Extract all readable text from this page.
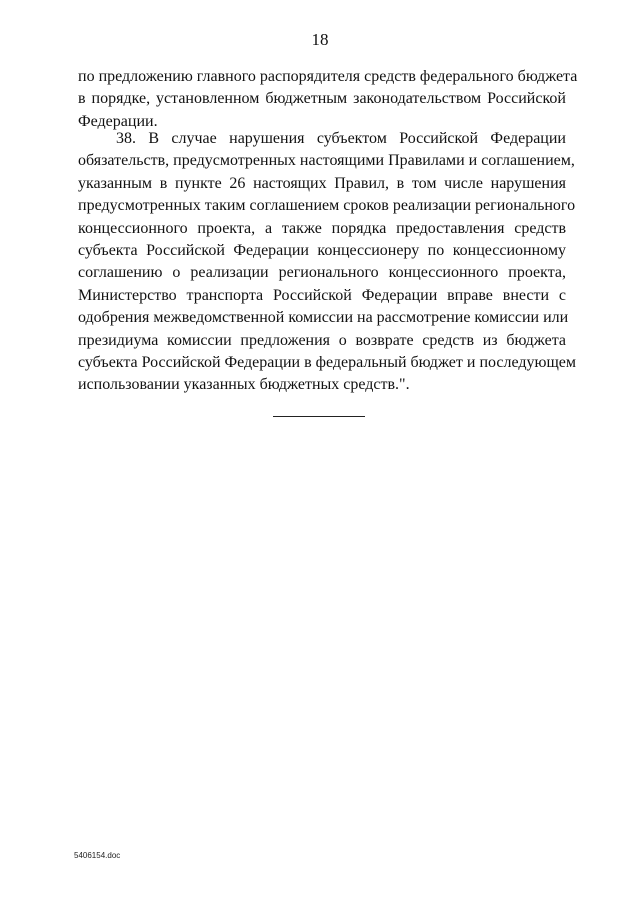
18
по предложению главного распорядителя средств федерального бюджета
в порядке, установленном бюджетным законодательством Российской
Федерации.
38. В случае нарушения субъектом Российской Федерации
обязательств, предусмотренных настоящими Правилами и соглашением,
указанным в пункте 26 настоящих Правил, в том числе нарушения
предусмотренных таким соглашением сроков реализации регионального
концессионного проекта, а также порядка предоставления средств
субъекта Российской Федерации концессионеру по концессионному
соглашению о реализации регионального концессионного проекта,
Министерство транспорта Российской Федерации вправе внести с
одобрения межведомственной комиссии на рассмотрение комиссии или
президиума комиссии предложения о возврате средств из бюджета
субъекта Российской Федерации в федеральный бюджет и последующем
использовании указанных бюджетных средств.".
5406154.doc
